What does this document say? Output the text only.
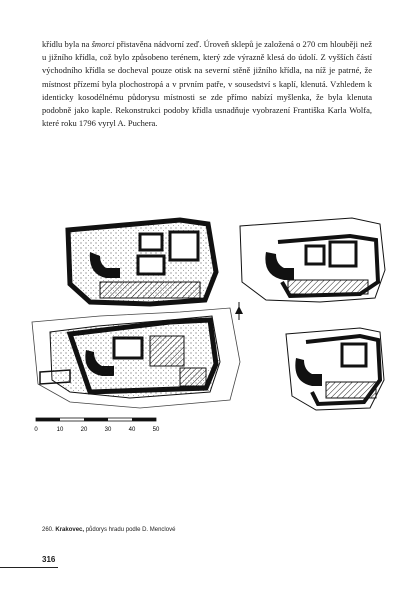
křídlu byla na šmorci přistavěna nádvorní zeď. Úroveň sklepů je založená o 270 cm hlouběji než u jižního křídla, což bylo způsobeno terénem, který zde výrazně klesá do údolí. Z vyšších částí východního křídla se docheval pouze otisk na severní stěně jižního křídla, na níž je patrné, že místnost přízemí byla plochostropá a v prvním patře, v sousedství s kaplí, klenutá. Vzhledem k identicky kosodélnému půdorysu místnosti se zde přímo nabízí myšlenka, že byla klenuta podobně jako kaple. Rekonstrukci podoby křídla usnadňuje vyobrazení Františka Karla Wolfa, které roku 1796 vyryl A. Puchera.

0	10	20	30	40	50
260. Krakovec, půdorys hradu podle D. Menclové
316
